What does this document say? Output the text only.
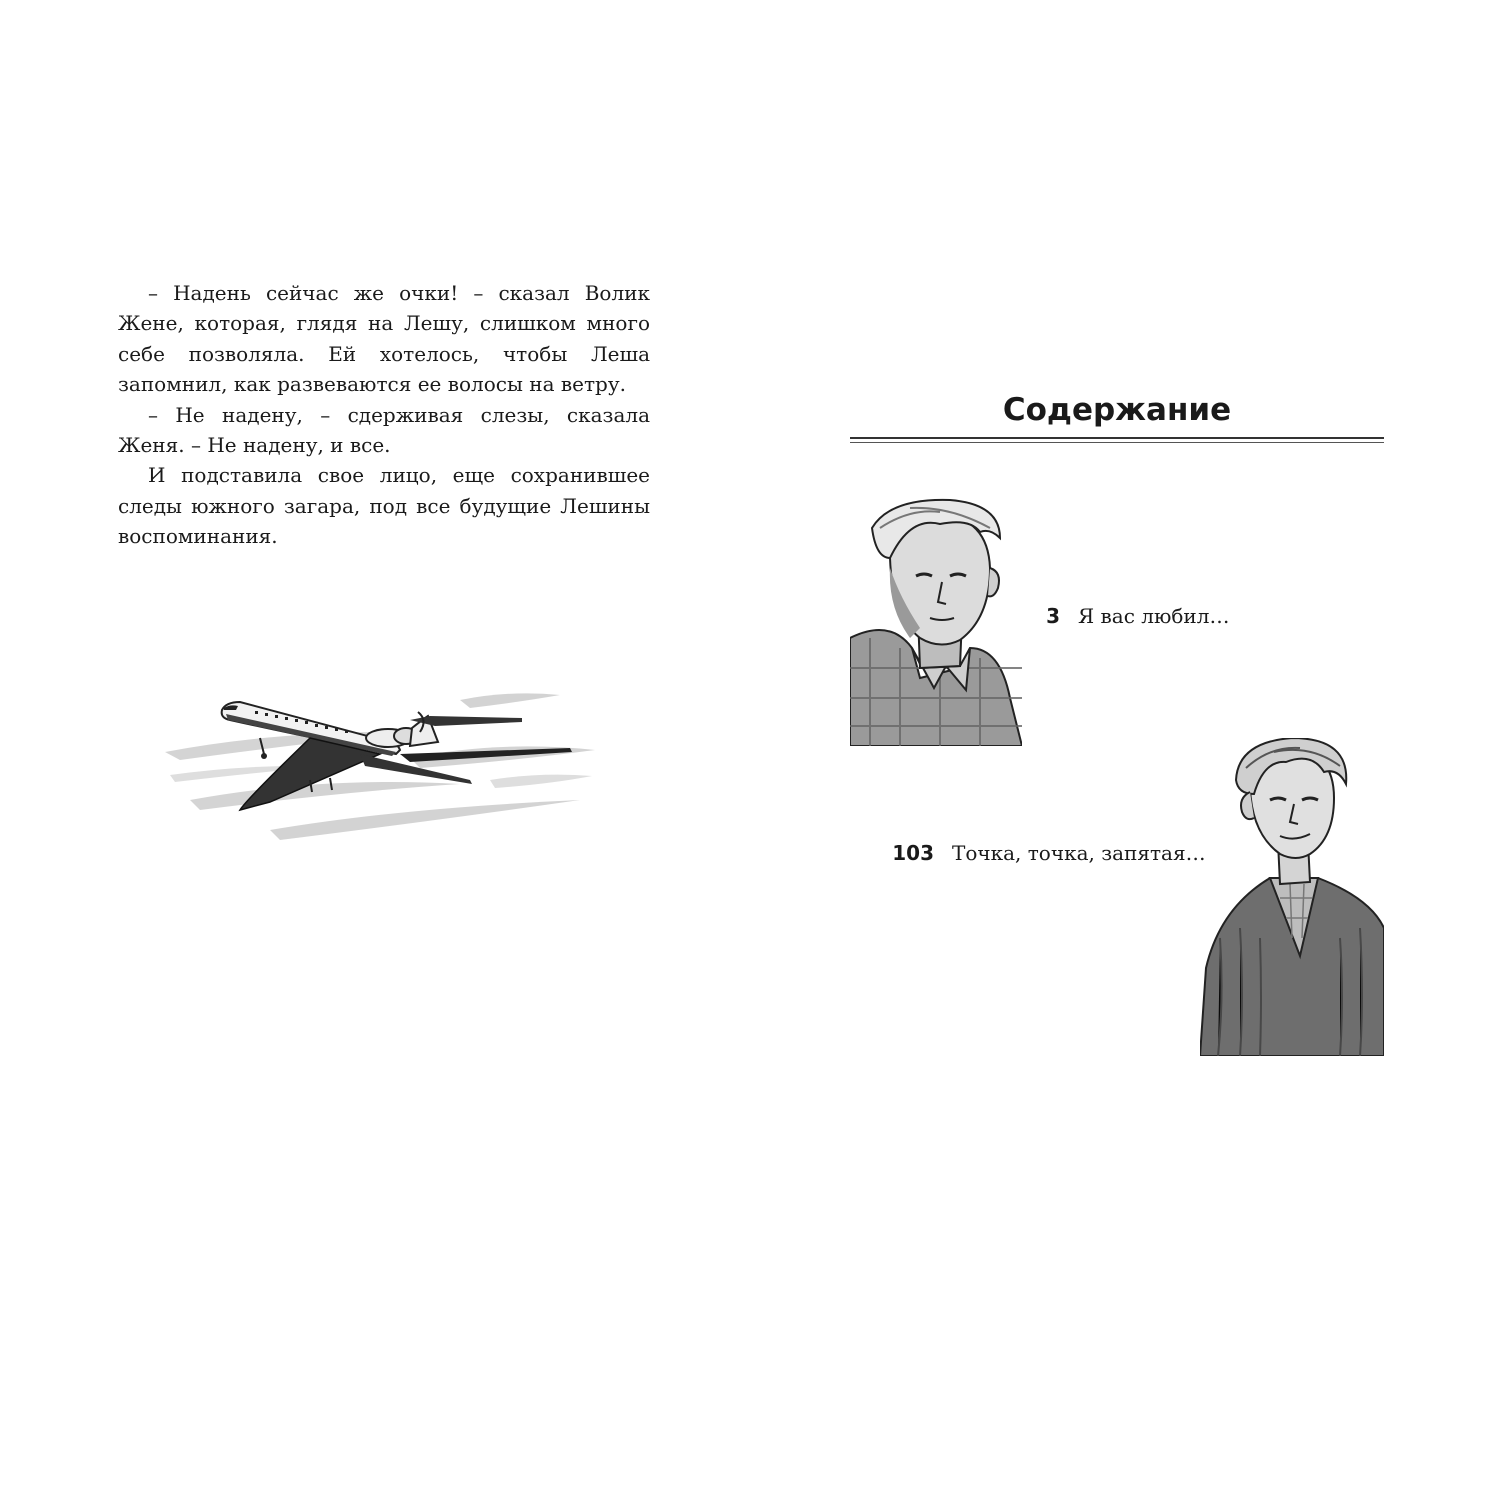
– Надень сейчас же очки! – сказал Волик Жене, которая, глядя на Лешу, слишком много себе позволяла. Ей хотелось, чтобы Леша запомнил, как развеваются ее волосы на ветру.

– Не надену, – сдерживая слезы, сказала Женя. – Не надену, и все.

И подставила свое лицо, еще сохранившее следы южного загара, под все будущие Лешины воспоминания.

Содержание
3 Я вас любил…
103 Точка, точка, запятая…
